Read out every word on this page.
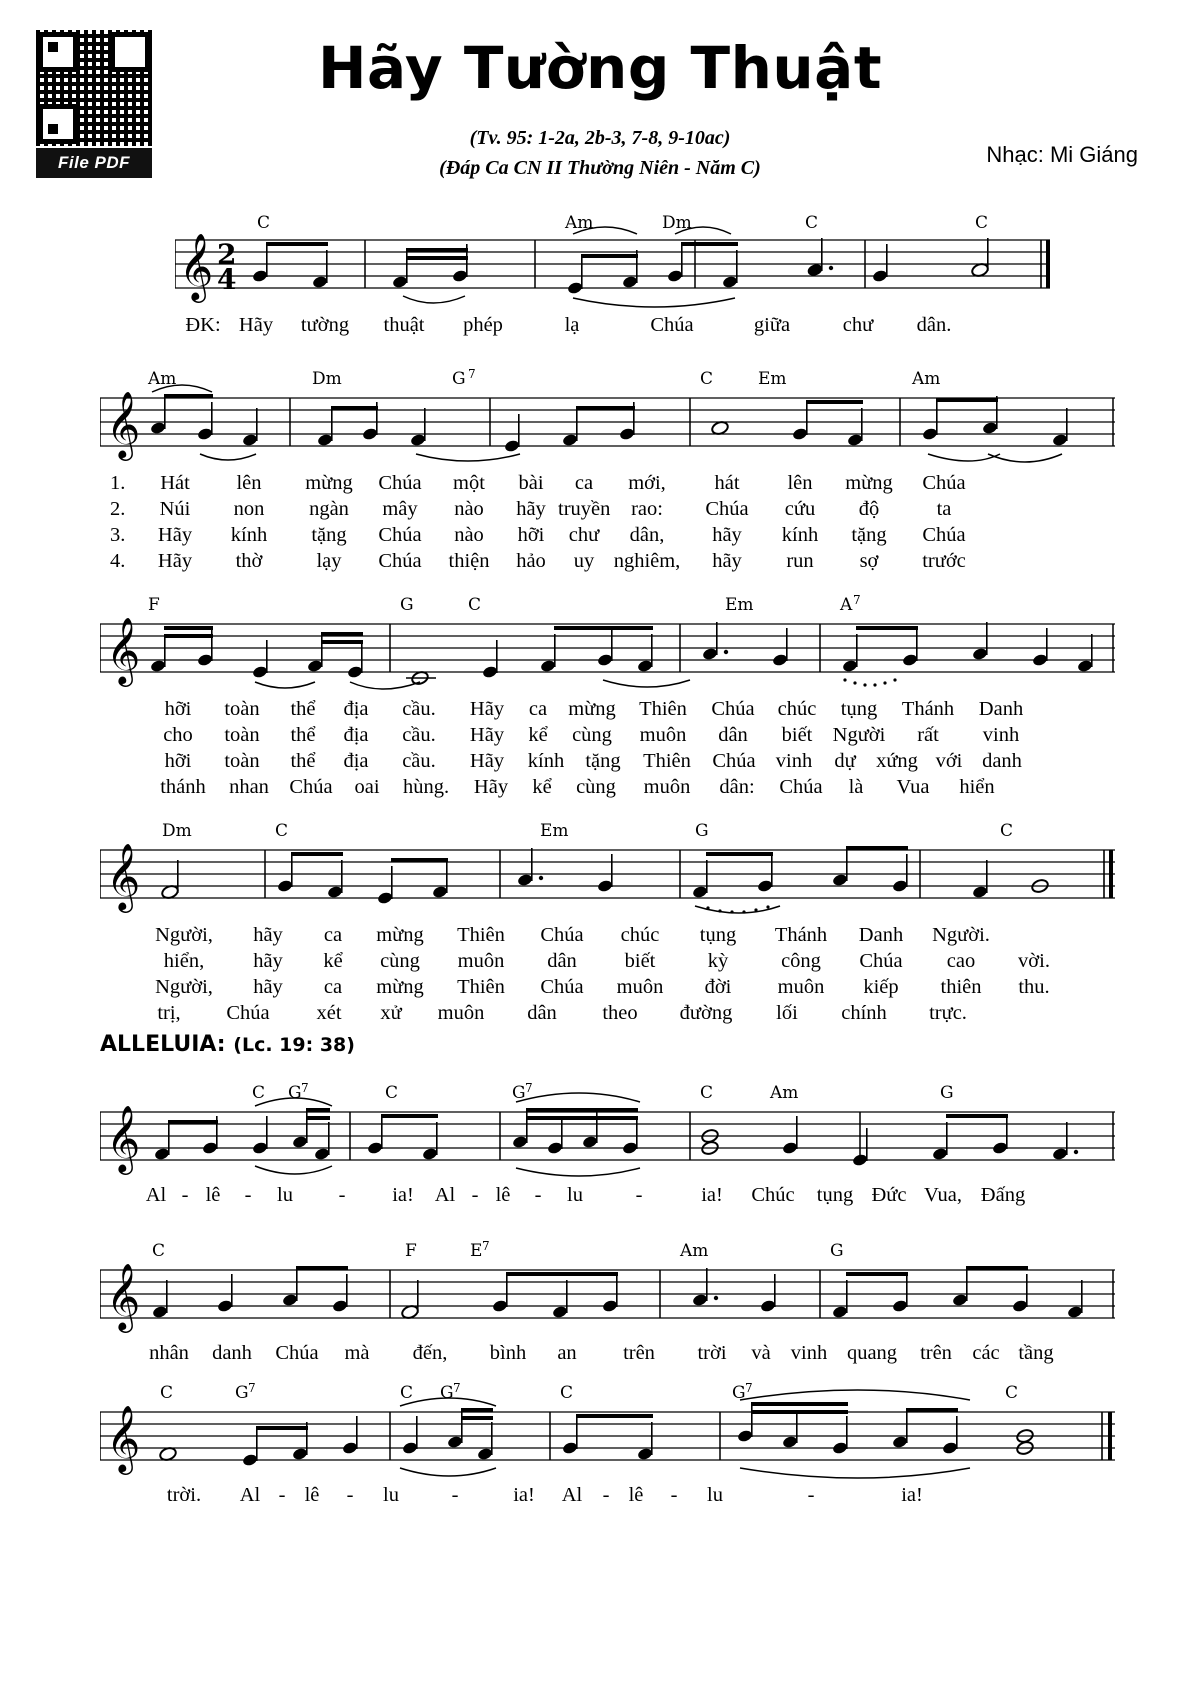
File PDF
Hãy Tường Thuật
(Tv. 95: 1-2a, 2b-3, 7-8, 9-10ac)
(Đáp Ca CN II Thường Niên - Năm C)
Nhạc: Mi Giáng
𝄞 2
4
C	Am	Dm	C	C
ĐK: Hãy	tường	thuật	phép	lạ	Chúa	giữa	chư	dân.
𝄞
Am	Dm	G 7	C	Em	Am
1.	Hát	lên	mừng	Chúa	một	bài	ca	mới,	hát	lên	mừng	Chúa
2.	Núi	non	ngàn	mây	nào	hãy truyền	rao:	Chúa	cứu	độ	ta
3.	Hãy	kính	tặng	Chúa	nào	hỡi	chư	dân,	hãy	kính	tặng	Chúa
4.	Hãy	thờ	lạy	Chúa	thiện	hảo	uy nghiêm,	hãy	run	sợ	trước
𝄞
F	G	C	Em	A 7
hỡi	toàn	thể	địa	cầu.	Hãy	ca	mừng	Thiên	Chúa	chúc	tụng	Thánh	Danh
cho	toàn	thể	địa	cầu.	Hãy	kể	cùng	muôn	dân	biết Người	rất	vinh
hỡi	toàn	thể	địa	cầu.	Hãy	kính	tặng	Thiên	Chúa vinh	dự xứng với danh
thánh	nhan Chúa	oai	hùng.	Hãy	kể	cùng	muôn	dân:	Chúa	là	Vua	hiển
𝄞
Dm	C	Em	G	C
Người,	hãy	ca	mừng	Thiên	Chúa	chúc	tụng	Thánh	Danh	Người.
hiển,	hãy	kể	cùng	muôn	dân	biết	kỳ	công	Chúa	cao	vời.
Người,	hãy	ca	mừng	Thiên	Chúa	muôn	đời	muôn	kiếp	thiên	thu.
trị,	Chúa	xét	xử	muôn	dân	theo	đường	lối	chính	trực.
ALLELUIA: (Lc. 19: 38)
𝄞
C G 7	C	G 7	C	Am	G
Al - lê	-	lu	-	ia!	Al - lê	-	lu	-	ia!	Chúc	tụng Đức Vua, Đấng
𝄞
C	F	E 7	Am	G
nhân	danh	Chúa	mà	đến,	bình	an	trên	trời	và vinh quang	trên các tầng
𝄞
C	G 7	C G 7	C	G 7	C
trời.	Al - lê	-	lu	-	ia!	Al - lê	-	lu	-	ia!
